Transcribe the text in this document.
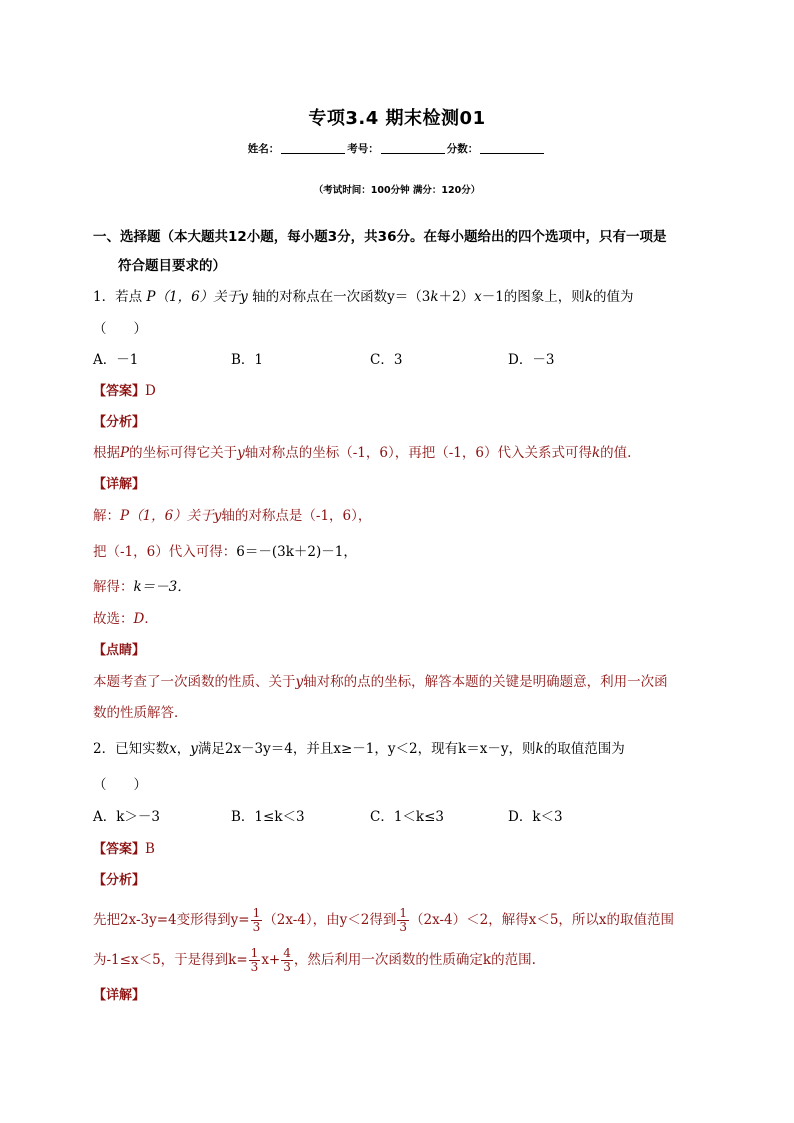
专项3.4 期末检测01
姓名：	考号：	分数：
（考试时间：100分钟 满分：120分）
一、选择题（本大题共12小题，每小题3分，共36分。在每小题给出的四个选项中，只有一项是
符合题目要求的）
1．若点 P（1，6）关于y 轴的对称点在一次函数y＝（3k＋2）x－1的图象上，则k的值为
（　　）
A．－1	B．1	C．3	D．－3
【答案】D
【分析】
根据P的坐标可得它关于y轴对称点的坐标（-1，6），再把（-1，6）代入关系式可得k的值.
【详解】
解：P（1，6）关于y轴的对称点是（-1，6），
把（-1，6）代入可得：6＝－(3k＋2)－1，
解得：k＝－3．
故选：D．
【点睛】
本题考查了一次函数的性质、关于y轴对称的点的坐标，解答本题的关键是明确题意，利用一次函
数的性质解答．
2．已知实数x，y满足2x－3y＝4，并且x≥－1，y＜2，现有k＝x－y，则k的取值范围为
（　　）
A．k＞－3	B．1≤k＜3	C．1＜k≤3	D．k＜3
【答案】B
【分析】
先把2x-3y=4变形得到$y= \frac{1}{3} (2x-4)$，由y＜2得到 $\frac{1}{3} (2x-4)<2$，解得x＜5，所以x的取值范围
为-1≤x＜5，于是得到$k= \frac{1}{3} x+ \frac{4}{3}$ ，然后利用一次函数的性质确定k的范围.
【详解】
